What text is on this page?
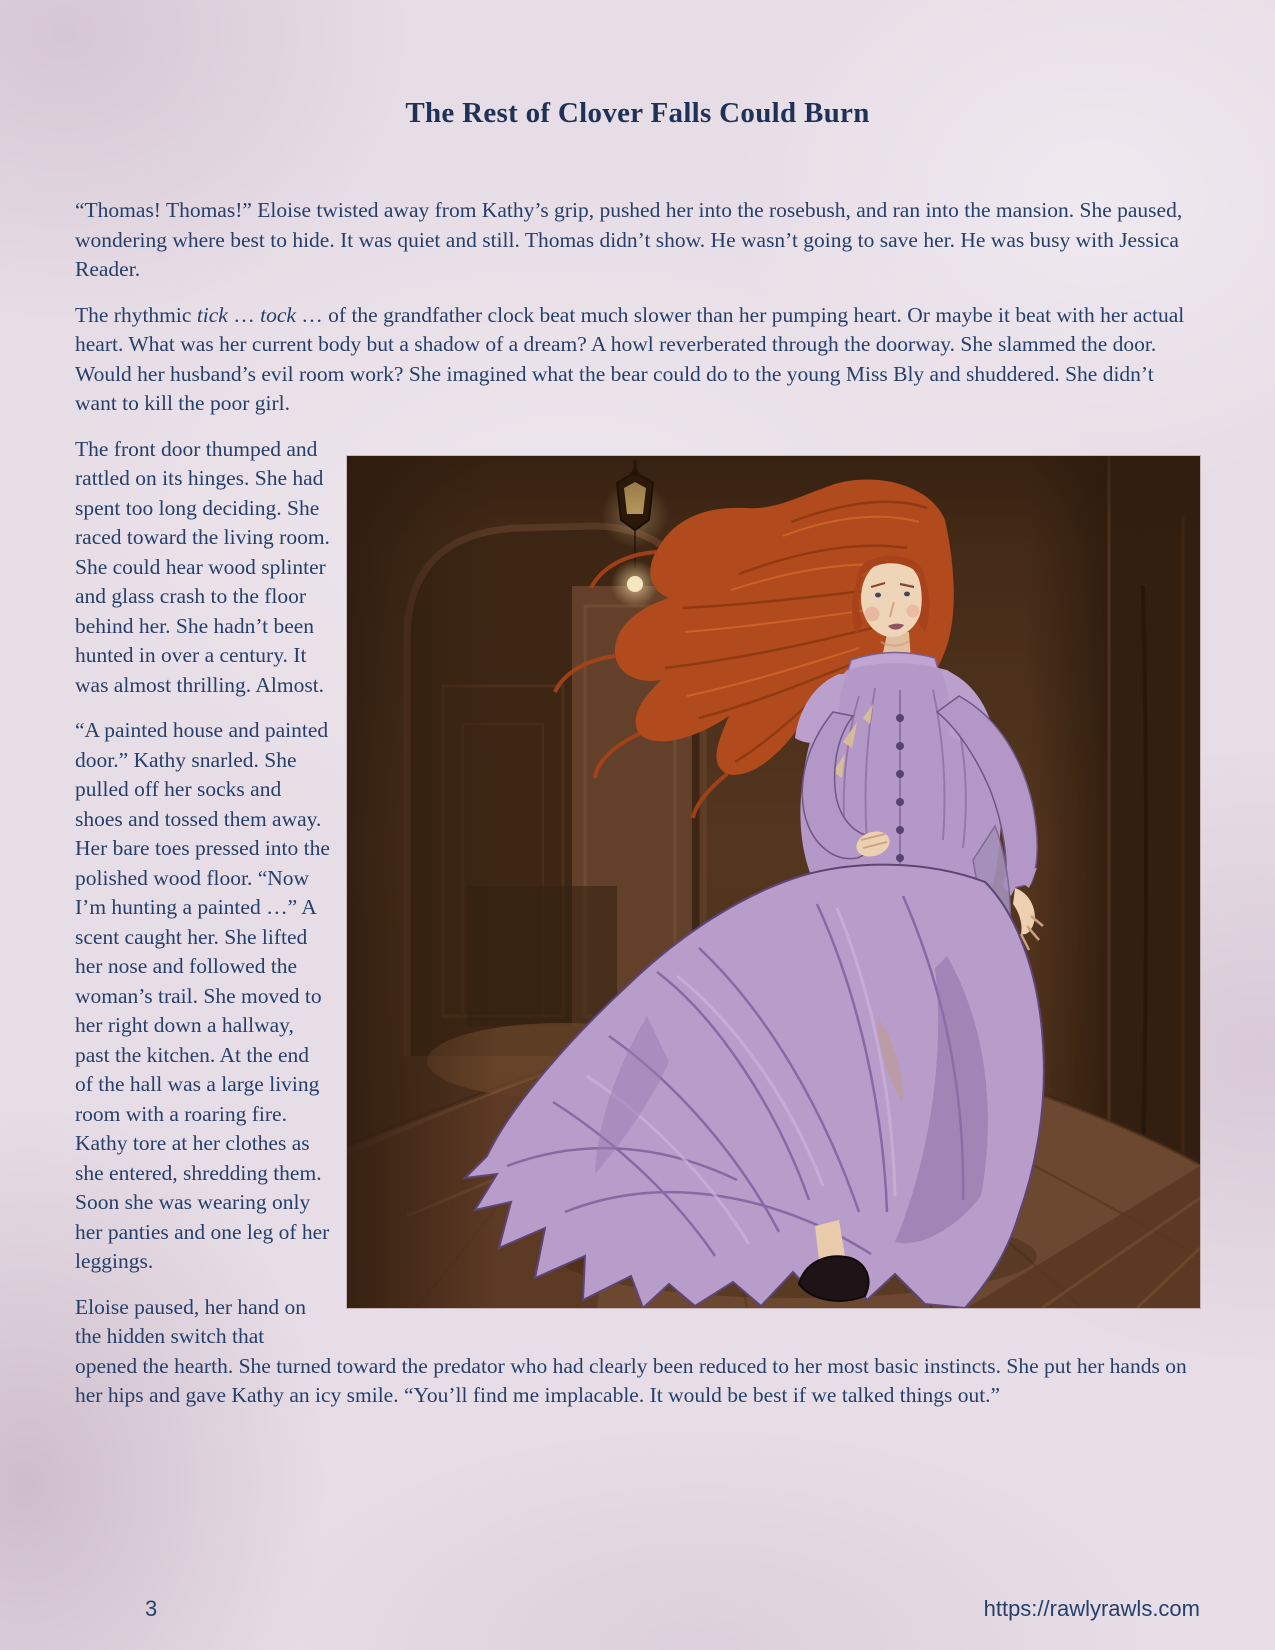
The Rest of Clover Falls Could Burn

“Thomas! Thomas!” Eloise twisted away from Kathy’s grip, pushed her into the rosebush, and ran into the mansion. She paused, wondering where best to hide. It was quiet and still. Thomas didn’t show. He wasn’t going to save her. He was busy with Jessica Reader.

The rhythmic tick … tock … of the grandfather clock beat much slower than her pumping heart. Or maybe it beat with her actual heart. What was her current body but a shadow of a dream? A howl reverberated through the doorway. She slammed the door. Would her husband’s evil room work? She imagined what the bear could do to the young Miss Bly and shuddered. She didn’t want to kill the poor girl.

The front door thumped and rattled on its hinges. She had spent too long deciding. She raced toward the living room. She could hear wood splinter and glass crash to the floor behind her. She hadn’t been hunted in over a century. It was almost thrilling. Almost.

“A painted house and painted door.” Kathy snarled. She pulled off her socks and shoes and tossed them away. Her bare toes pressed into the polished wood floor. “Now I’m hunting a painted …” A scent caught her. She lifted her nose and followed the woman’s trail. She moved to her right down a hallway, past the kitchen. At the end of the hall was a large living room with a roaring fire. Kathy tore at her clothes as she entered, shredding them. Soon she was wearing only her panties and one leg of her leggings.

Eloise paused, her hand on the hidden switch that opened the hearth. She turned toward the predator who had clearly been reduced to her most basic instincts. She put her hands on her hips and gave Kathy an icy smile. “You’ll find me implacable. It would be best if we talked things out.”

3	https://rawlyrawls.com
